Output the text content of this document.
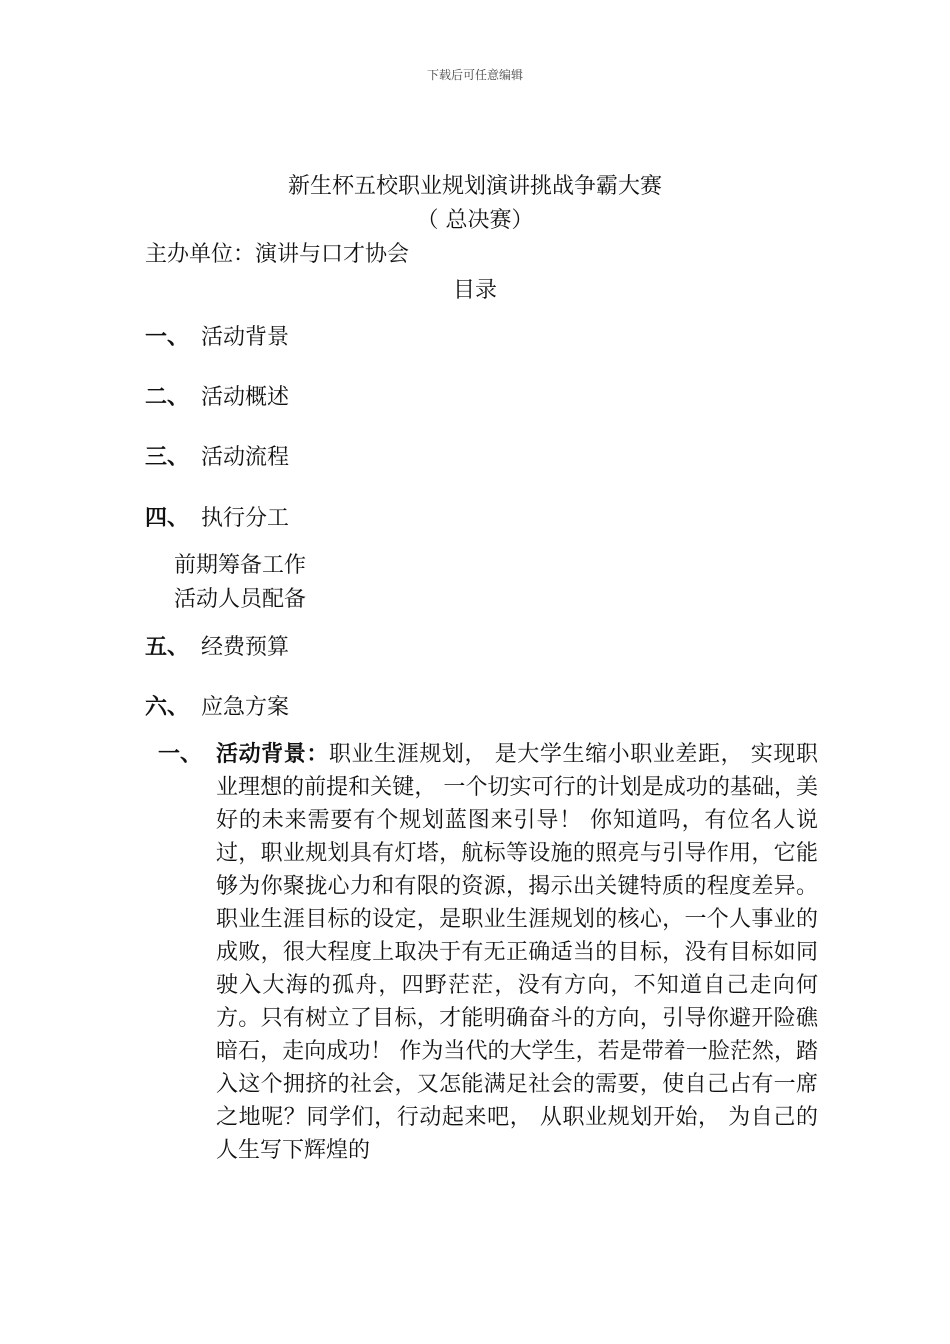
下载后可任意编辑
新生杯五校职业规划演讲挑战争霸大赛
（ 总决赛）
主办单位：演讲与口才协会
目录
一、 活动背景
二、 活动概述
三、 活动流程
四、 执行分工
前期筹备工作
活动人员配备
五、 经费预算
六、 应急方案
一、 活动背景：职业生涯规划， 是大学生缩小职业差距， 实现职业理想的前提和关键， 一个切实可行的计划是成功的基础，美好的未来需要有个规划蓝图来引导！ 你知道吗，有位名人说过，职业规划具有灯塔，航标等设施的照亮与引导作用，它能够为你聚拢心力和有限的资源，揭示出关键特质的程度差异。职业生涯目标的设定，是职业生涯规划的核心，一个人事业的成败，很大程度上取决于有无正确适当的目标，没有目标如同驶入大海的孤舟，四野茫茫，没有方向，不知道自己走向何方。只有树立了目标，才能明确奋斗的方向，引导你避开险礁暗石，走向成功！ 作为当代的大学生，若是带着一脸茫然，踏入这个拥挤的社会，又怎能满足社会的需要，使自己占有一席之地呢？同学们，行动起来吧， 从职业规划开始， 为自己的人生写下辉煌的
